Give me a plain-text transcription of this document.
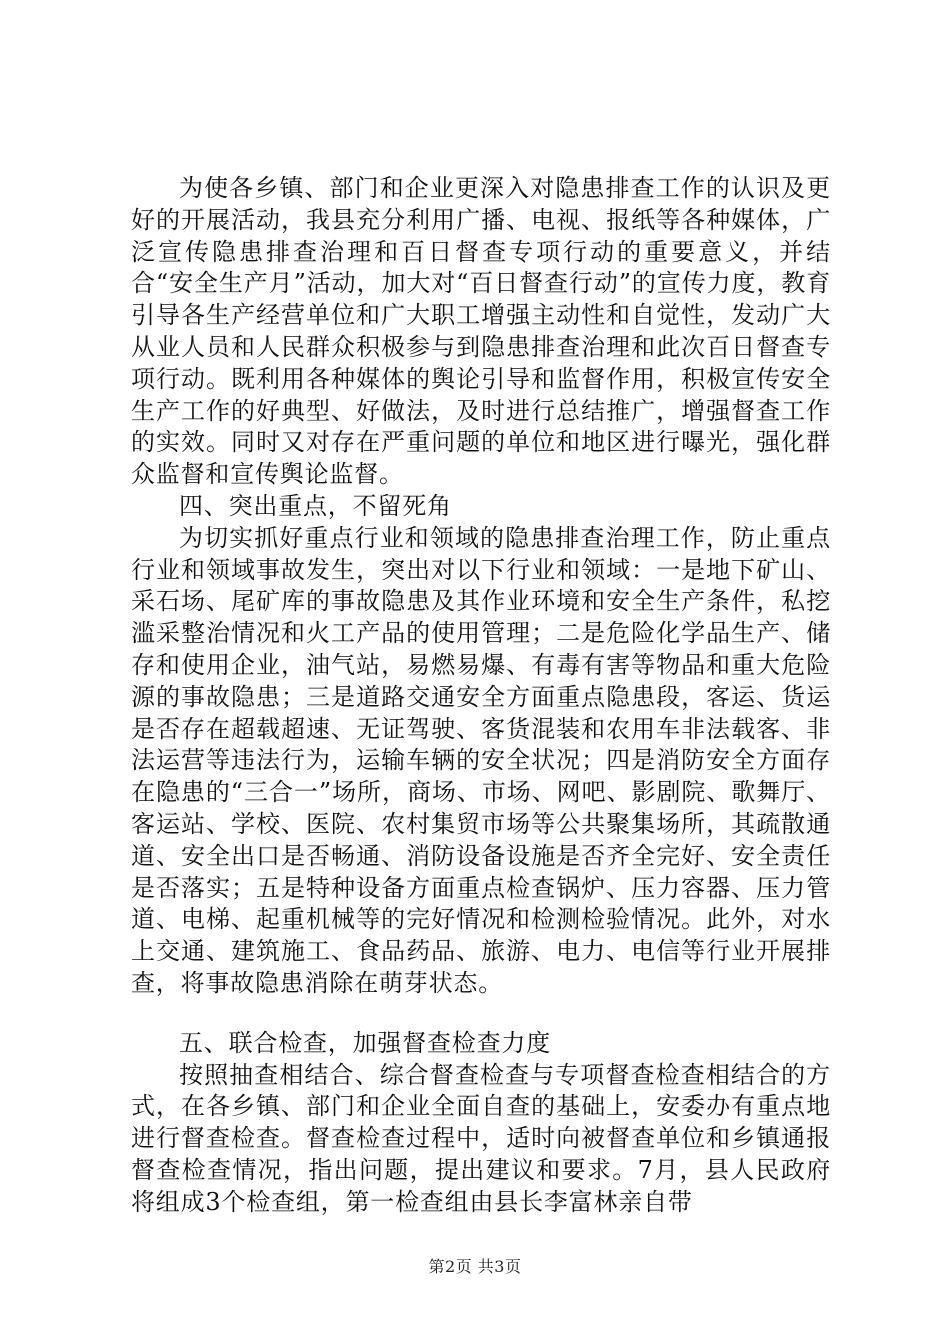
为使各乡镇、部门和企业更深入对隐患排查工作的认识及更好的开展活动，我县充分利用广播、电视、报纸等各种媒体，广泛宣传隐患排查治理和百日督查专项行动的重要意义，并结合“安全生产月”活动，加大对“百日督查行动”的宣传力度，教育引导各生产经营单位和广大职工增强主动性和自觉性，发动广大从业人员和人民群众积极参与到隐患排查治理和此次百日督查专项行动。既利用各种媒体的舆论引导和监督作用，积极宣传安全生产工作的好典型、好做法，及时进行总结推广，增强督查工作的实效。同时又对存在严重问题的单位和地区进行曝光，强化群众监督和宣传舆论监督。

四、突出重点，不留死角

为切实抓好重点行业和领域的隐患排查治理工作，防止重点行业和领域事故发生，突出对以下行业和领域：一是地下矿山、采石场、尾矿库的事故隐患及其作业环境和安全生产条件，私挖滥采整治情况和火工产品的使用管理；二是危险化学品生产、储存和使用企业，油气站，易燃易爆、有毒有害等物品和重大危险源的事故隐患；三是道路交通安全方面重点隐患段，客运、货运是否存在超载超速、无证驾驶、客货混装和农用车非法载客、非法运营等违法行为，运输车辆的安全状况；四是消防安全方面存在隐患的“三合一”场所，商场、市场、网吧、影剧院、歌舞厅、客运站、学校、医院、农村集贸市场等公共聚集场所，其疏散通道、安全出口是否畅通、消防设备设施是否齐全完好、安全责任是否落实；五是特种设备方面重点检查锅炉、压力容器、压力管道、电梯、起重机械等的完好情况和检测检验情况。此外，对水上交通、建筑施工、食品药品、旅游、电力、电信等行业开展排查，将事故隐患消除在萌芽状态。

五、联合检查，加强督查检查力度

按照抽查相结合、综合督查检查与专项督查检查相结合的方式，在各乡镇、部门和企业全面自查的基础上，安委办有重点地进行督查检查。督查检查过程中，适时向被督查单位和乡镇通报督查检查情况，指出问题，提出建议和要求。7月，县人民政府将组成3个检查组，第一检查组由县长李富林亲自带

第2页 共3页
